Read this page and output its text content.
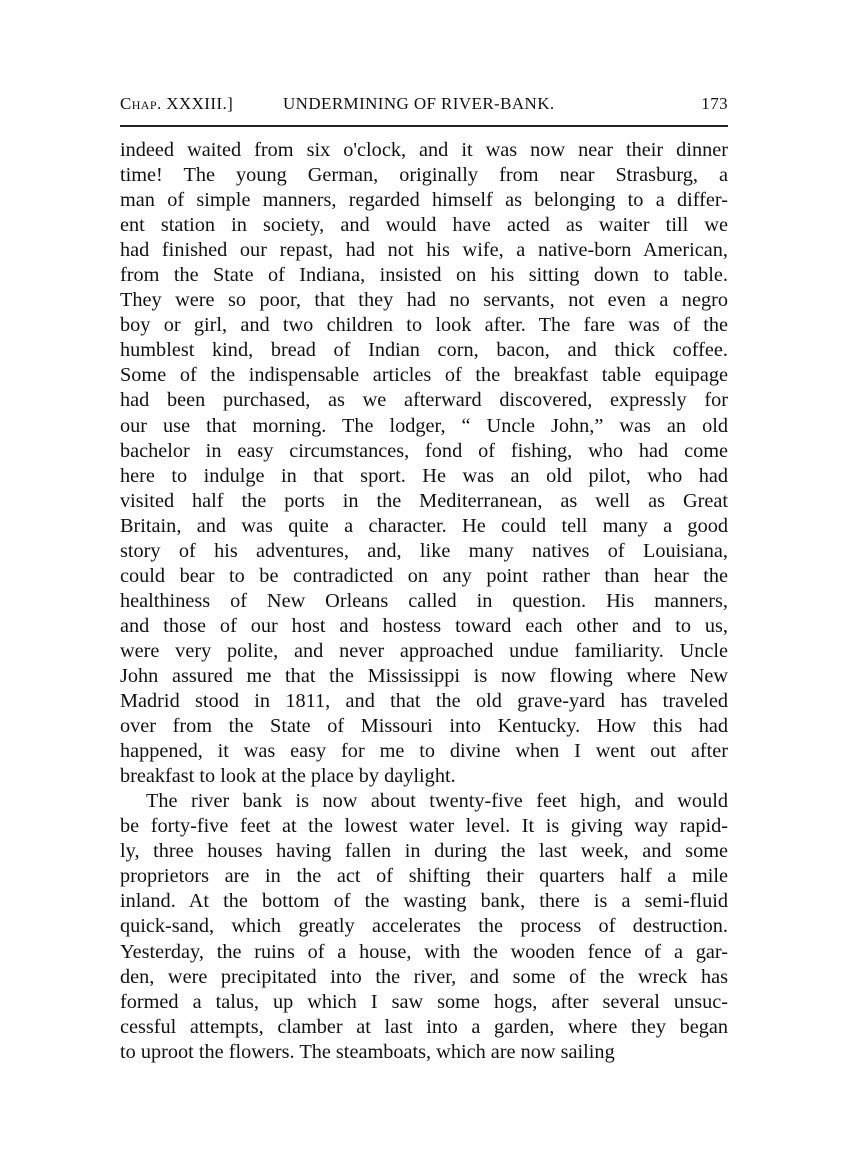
Chap. XXXIII.]	UNDERMINING OF RIVER-BANK.	173
indeed waited from six o'clock, and it was now near their dinner
time! The young German, originally from near Strasburg, a
man of simple manners, regarded himself as belonging to a differ-
ent station in society, and would have acted as waiter till we
had finished our repast, had not his wife, a native-born American,
from the State of Indiana, insisted on his sitting down to table.
They were so poor, that they had no servants, not even a negro
boy or girl, and two children to look after. The fare was of the
humblest kind, bread of Indian corn, bacon, and thick coffee.
Some of the indispensable articles of the breakfast table equipage
had been purchased, as we afterward discovered, expressly for
our use that morning. The lodger, “ Uncle John,” was an old
bachelor in easy circumstances, fond of fishing, who had come
here to indulge in that sport. He was an old pilot, who had
visited half the ports in the Mediterranean, as well as Great
Britain, and was quite a character. He could tell many a good
story of his adventures, and, like many natives of Louisiana,
could bear to be contradicted on any point rather than hear the
healthiness of New Orleans called in question. His manners,
and those of our host and hostess toward each other and to us,
were very polite, and never approached undue familiarity. Uncle
John assured me that the Mississippi is now flowing where New
Madrid stood in 1811, and that the old grave-yard has traveled
over from the State of Missouri into Kentucky. How this had
happened, it was easy for me to divine when I went out after
breakfast to look at the place by daylight.
The river bank is now about twenty-five feet high, and would
be forty-five feet at the lowest water level. It is giving way rapid-
ly, three houses having fallen in during the last week, and some
proprietors are in the act of shifting their quarters half a mile
inland. At the bottom of the wasting bank, there is a semi-fluid
quick-sand, which greatly accelerates the process of destruction.
Yesterday, the ruins of a house, with the wooden fence of a gar-
den, were precipitated into the river, and some of the wreck has
formed a talus, up which I saw some hogs, after several unsuc-
cessful attempts, clamber at last into a garden, where they began
to uproot the flowers. The steamboats, which are now sailing
